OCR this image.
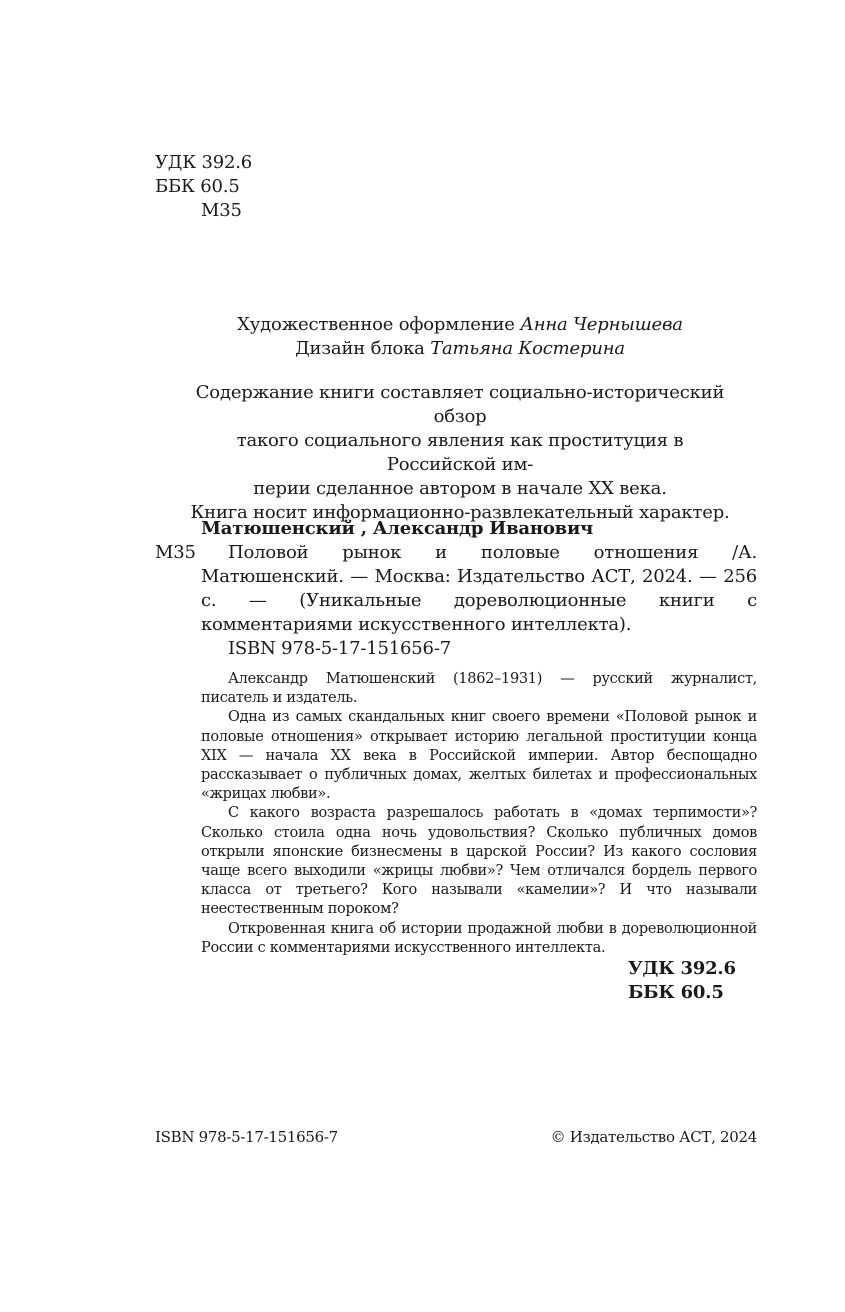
УДК 392.6
ББК 60.5
М35
Художественное оформление Анна Чернышева
Дизайн блока Татьяна Костерина
Содержание книги составляет социально-исторический обзор
такого социального явления как проституция в Российской им-
перии сделанное автором в начале XX века.
Книга носит информационно-развлекательный характер.
Матюшенский , Александр Иванович
М35	Половой рынок и половые отношения /А. Матюшенский. — Москва: Издательство АСТ, 2024. — 256 с. — (Уникальные дореволюционные книги с комментариями искусственного интеллекта).
ISBN 978-5-17-151656-7

Александр Матюшенский (1862–1931) — русский журналист, писатель и издатель.

Одна из самых скандальных книг своего времени «Половой рынок и половые отношения» открывает историю легальной проституции конца XIX — начала XX века в Российской империи. Автор беспощадно рассказывает о публичных домах, желтых билетах и профессиональных «жрицах любви».

С какого возраста разрешалось работать в «домах терпимости»? Сколько стоила одна ночь удовольствия? Сколько публичных домов открыли японские бизнесмены в царской России? Из какого сословия чаще всего выходили «жрицы любви»? Чем отличался бордель первого класса от третьего? Кого называли «камелии»? И что называли неестественным пороком?

Откровенная книга об истории продажной любви в дореволюционной России с комментариями искусственного интеллекта.

УДК 392.6
ББК 60.5
ISBN 978-5-17-151656-7	© Издательство АСТ, 2024
